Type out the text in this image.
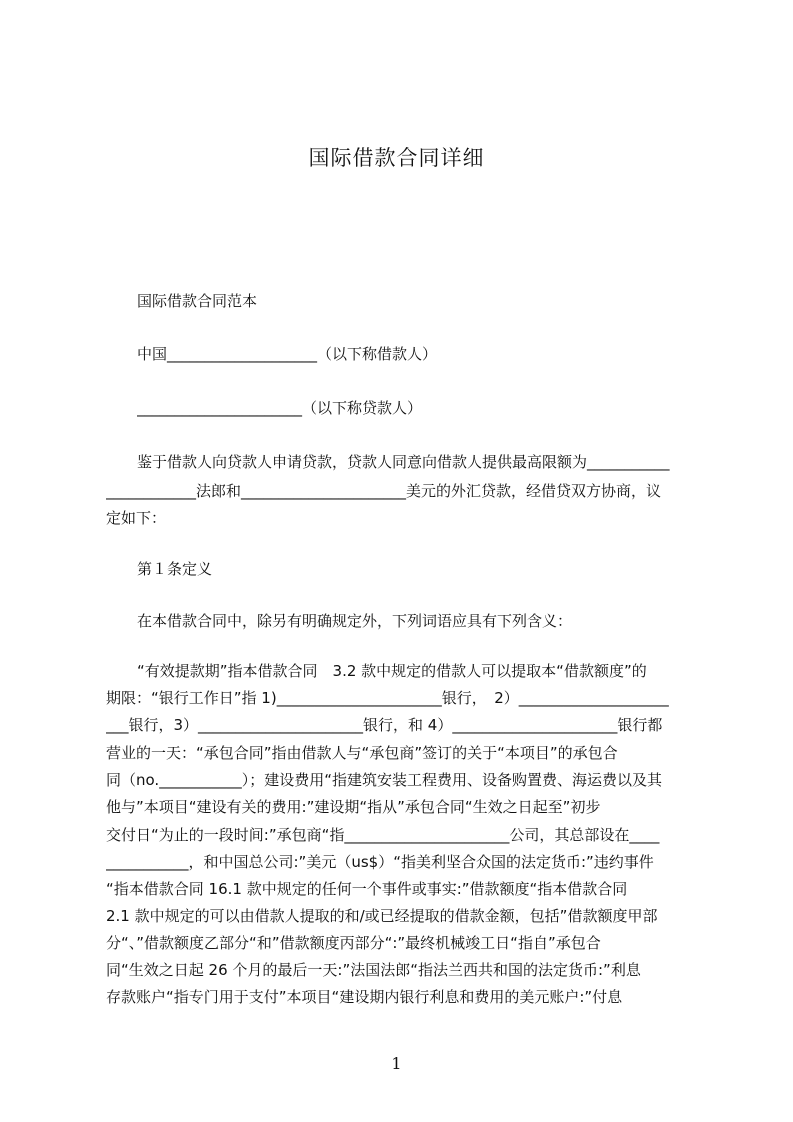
国际借款合同详细
国际借款合同范本
中国____________________（以下称借款人）
______________________（以下称贷款人）
鉴于借款人向贷款人申请贷款，贷款人同意向借款人提供最高限额为___________
____________法郎和______________________美元的外汇贷款，经借贷双方协商，议
定如下：
第１条定义
在本借款合同中，除另有明确规定外，下列词语应具有下列含义：
“有效提款期”指本借款合同　3.2 款中规定的借款人可以提取本“借款额度”的
期限：“银行工作日”指 1)______________________银行，　2）____________________
___银行，3）______________________银行，和 4）______________________银行都
营业的一天：“承包合同”指由借款人与“承包商”签订的关于“本项目”的承包合
同（no.___________）；建设费用“指建筑安装工程费用、设备购置费、海运费以及其
他与”本项目“建设有关的费用:”建设期“指从”承包合同“生效之日起至”初步
交付日“为止的一段时间:”承包商“指______________________公司，其总部设在____
___________，和中国总公司:”美元（us$）“指美利坚合众国的法定货币:”违约事件
“指本借款合同 16.1 款中规定的任何一个事件或事实:”借款额度“指本借款合同
2.1 款中规定的可以由借款人提取的和/或已经提取的借款金额，包括”借款额度甲部
分“、”借款额度乙部分“和”借款额度丙部分“:”最终机械竣工日“指自”承包合
同“生效之日起 26 个月的最后一天:”法国法郎“指法兰西共和国的法定货币:”利息
存款账户“指专门用于支付”本项目“建设期内银行利息和费用的美元账户:”付息
1
